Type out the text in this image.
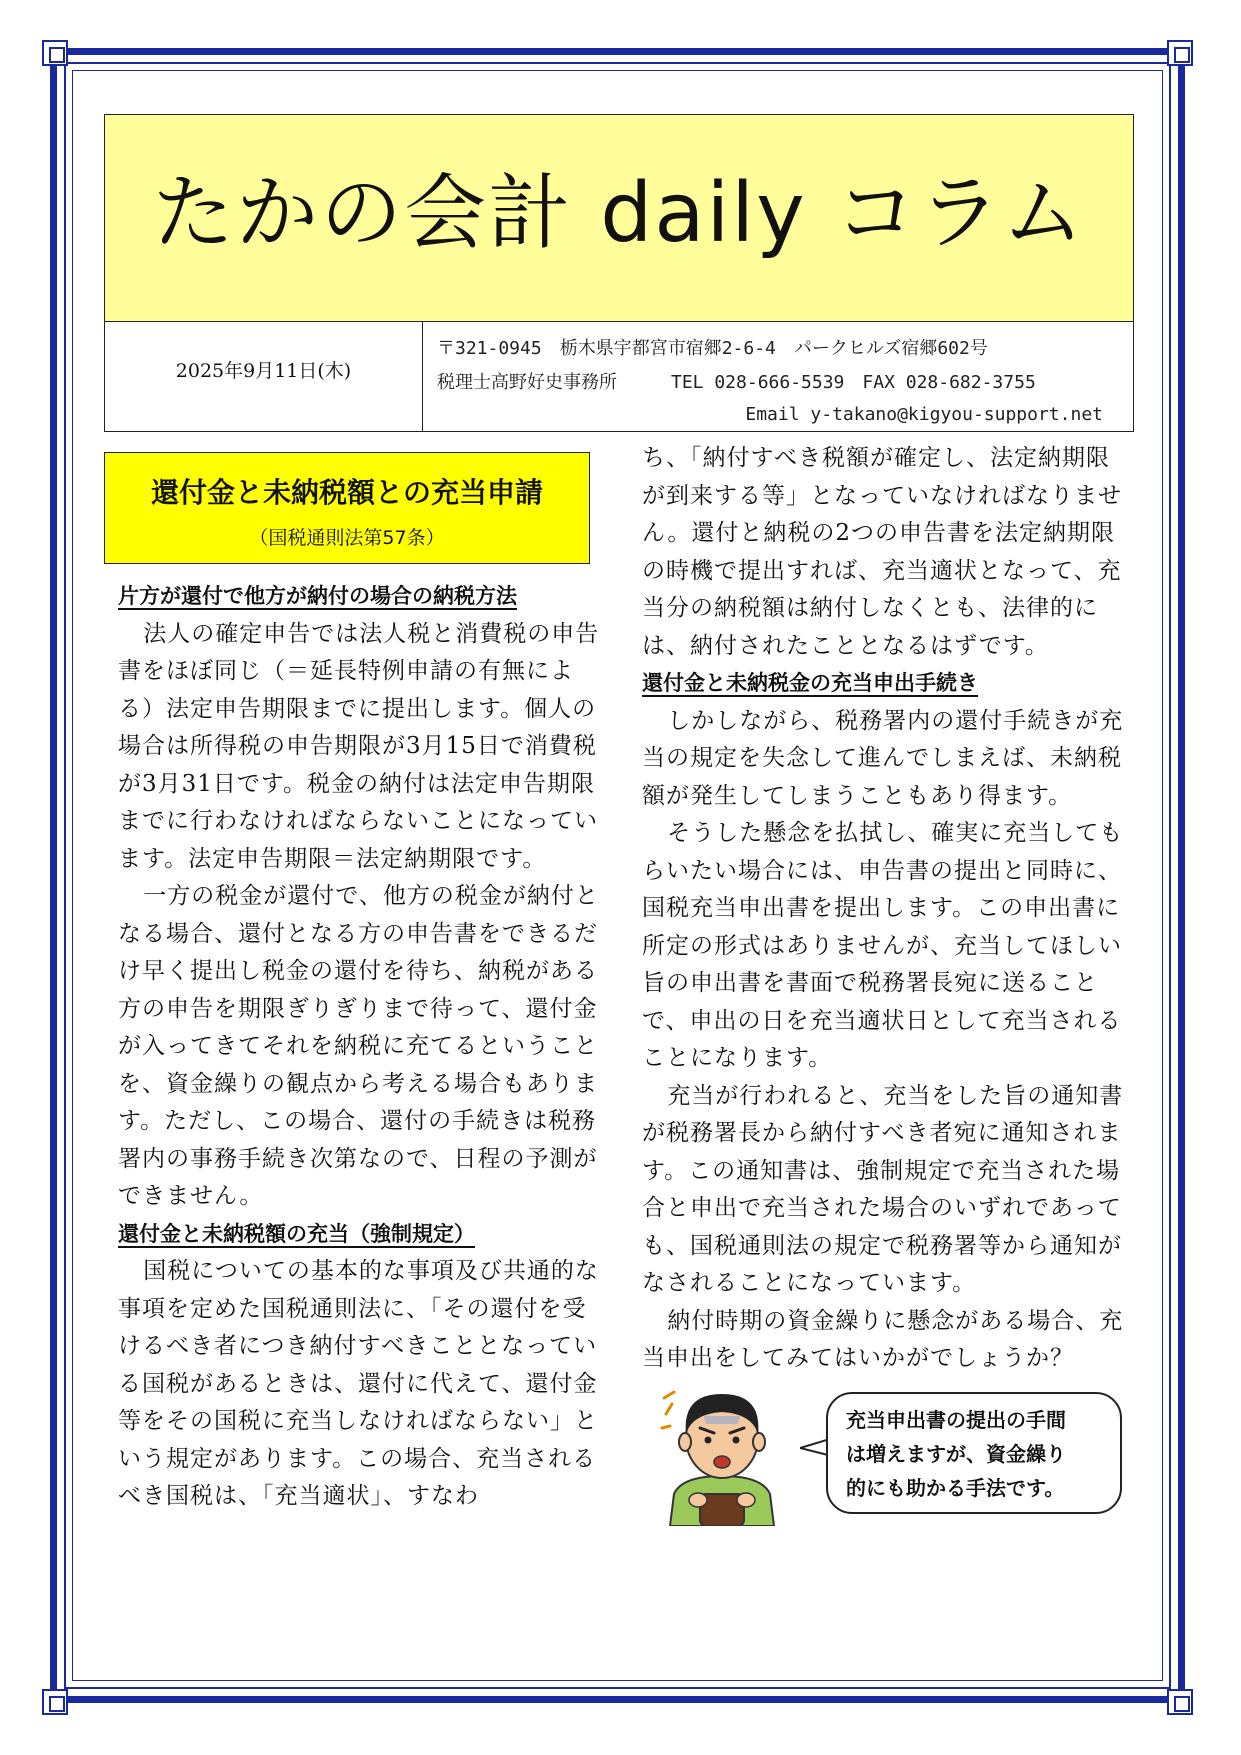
たかの会計 daily コラム
2025年9月11日(木)
〒321-0945　栃木県宇都宮市宿郷2-6-4　パークヒルズ宿郷602号
税理士高野好史事務所　　　TEL 028-666-5539　FAX 028-682-3755
Email y-takano@kigyou-support.net
還付金と未納税額との充当申請
（国税通則法第57条）

片方が還付で他方が納付の場合の納税方法

法人の確定申告では法人税と消費税の申告書をほぼ同じ（＝延長特例申請の有無による）法定申告期限までに提出します。個人の場合は所得税の申告期限が3月15日で消費税が3月31日です。税金の納付は法定申告期限までに行わなければならないことになっています。法定申告期限＝法定納期限です。

一方の税金が還付で、他方の税金が納付となる場合、還付となる方の申告書をできるだけ早く提出し税金の還付を待ち、納税がある方の申告を期限ぎりぎりまで待って、還付金が入ってきてそれを納税に充てるということを、資金繰りの観点から考える場合もあります。ただし、この場合、還付の手続きは税務署内の事務手続き次第なので、日程の予測ができません。

還付金と未納税額の充当（強制規定）

国税についての基本的な事項及び共通的な事項を定めた国税通則法に、「その還付を受けるべき者につき納付すべきこととなっている国税があるときは、還付に代えて、還付金等をその国税に充当しなければならない」という規定があります。この場合、充当されるべき国税は、「充当適状」、すなわ

ち、「納付すべき税額が確定し、法定納期限が到来する等」となっていなければなりません。還付と納税の2つの申告書を法定納期限の時機で提出すれば、充当適状となって、充当分の納税額は納付しなくとも、法律的には、納付されたこととなるはずです。

還付金と未納税金の充当申出手続き

しかしながら、税務署内の還付手続きが充当の規定を失念して進んでしまえば、未納税額が発生してしまうこともあり得ます。

そうした懸念を払拭し、確実に充当してもらいたい場合には、申告書の提出と同時に、国税充当申出書を提出します。この申出書に所定の形式はありませんが、充当してほしい旨の申出書を書面で税務署長宛に送ることで、申出の日を充当適状日として充当されることになります。

充当が行われると、充当をした旨の通知書が税務署長から納付すべき者宛に通知されます。この通知書は、強制規定で充当された場合と申出で充当された場合のいずれであっても、国税通則法の規定で税務署等から通知がなされることになっています。

納付時期の資金繰りに懸念がある場合、充当申出をしてみてはいかがでしょうか？

充当申出書の提出の手間
は増えますが、資金繰り
的にも助かる手法です。
